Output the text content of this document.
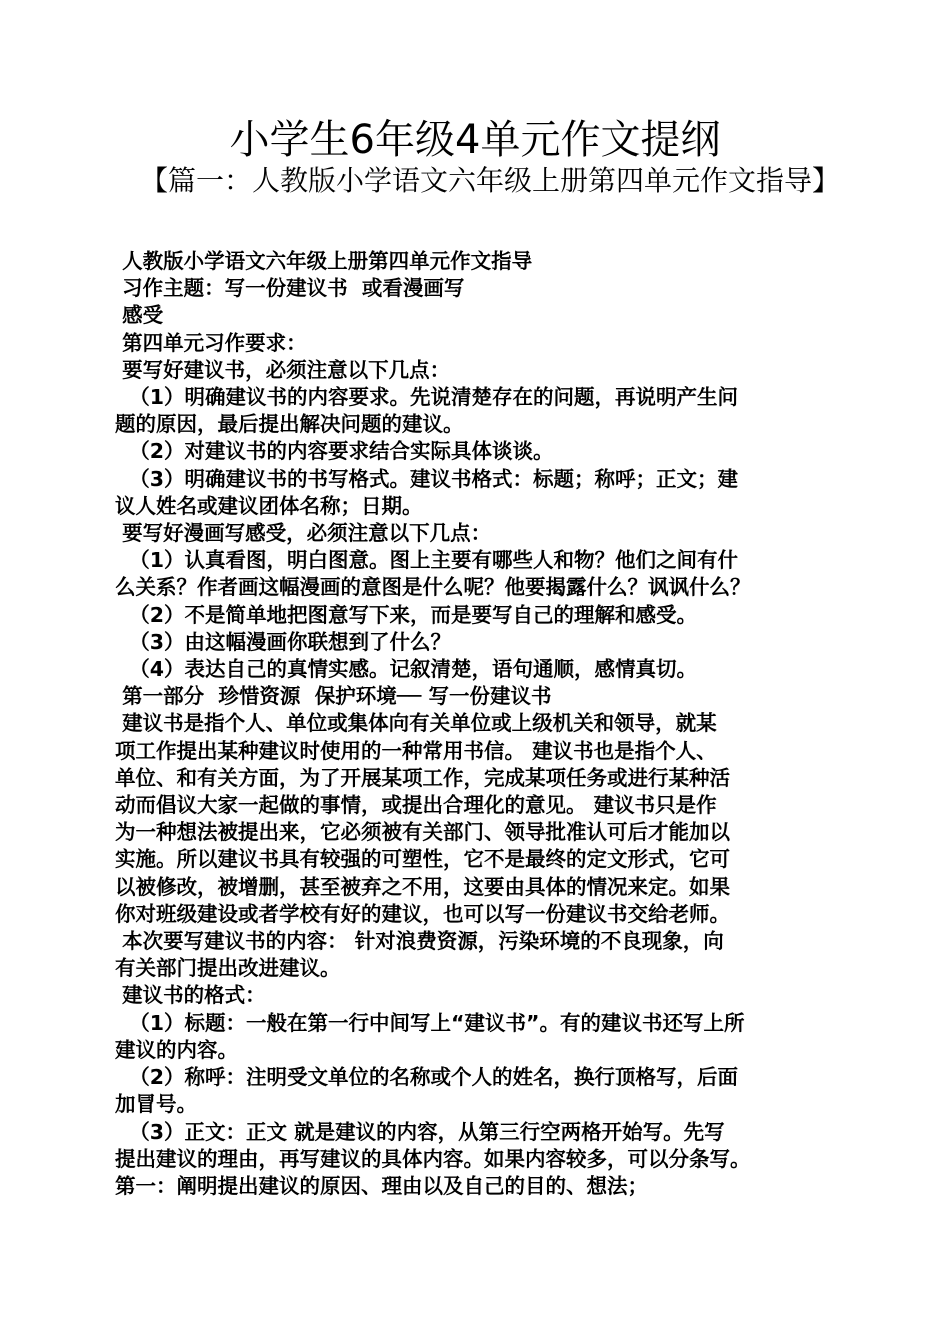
小学生6年级4单元作文提纲
【篇一：人教版小学语文六年级上册第四单元作文指导】

人教版小学语文六年级上册第四单元作文指导

习作主题：写一份建议书  或看漫画写

感受

第四单元习作要求：

要写好建议书，必须注意以下几点：

（1）明确建议书的内容要求。先说清楚存在的问题，再说明产生问

题的原因，最后提出解决问题的建议。

（2）对建议书的内容要求结合实际具体谈谈。

（3）明确建议书的书写格式。建议书格式：标题；称呼；正文；建

议人姓名或建议团体名称；日期。

要写好漫画写感受，必须注意以下几点：

（1）认真看图，明白图意。图上主要有哪些人和物？他们之间有什

么关系？作者画这幅漫画的意图是什么呢？他要揭露什么？讽讽什么？

（2）不是简单地把图意写下来，而是要写自己的理解和感受。

（3）由这幅漫画你联想到了什么？

（4）表达自己的真情实感。记叙清楚，语句通顺，感情真切。

第一部分  珍惜资源  保护环境── 写一份建议书

建议书是指个人、单位或集体向有关单位或上级机关和领导，就某

项工作提出某种建议时使用的一种常用书信。 建议书也是指个人、

单位、和有关方面，为了开展某项工作，完成某项任务或进行某种活

动而倡议大家一起做的事情，或提出合理化的意见。 建议书只是作

为一种想法被提出来，它必须被有关部门、领导批准认可后才能加以

实施。所以建议书具有较强的可塑性，它不是最终的定文形式，它可

以被修改，被增删，甚至被弃之不用，这要由具体的情况来定。如果

你对班级建设或者学校有好的建议，也可以写一份建议书交给老师。

本次要写建议书的内容： 针对浪费资源，污染环境的不良现象，向

有关部门提出改进建议。

建议书的格式：

（1）标题：一般在第一行中间写上“建议书”。有的建议书还写上所

建议的内容。

（2）称呼：注明受文单位的名称或个人的姓名，换行顶格写，后面

加冒号。

（3）正文：正文 就是建议的内容，从第三行空两格开始写。先写

提出建议的理由，再写建议的具体内容。如果内容较多，可以分条写。

第一：阐明提出建议的原因、理由以及自己的目的、想法；
